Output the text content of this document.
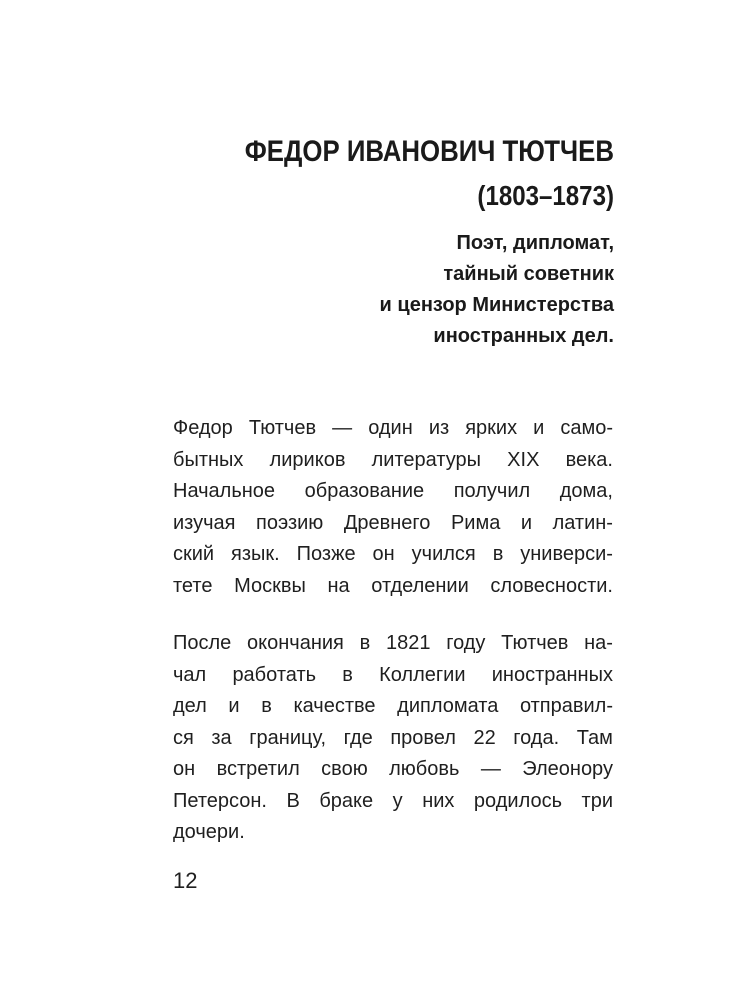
ФЕДОР ИВАНОВИЧ ТЮТЧЕВ
(1803–1873)

Поэт, дипломат,
тайный советник
и цензор Министерства
иностранных дел.

Федор Тютчев — один из ярких и само-
бытных лириков литературы XIX века.
Начальное образование получил дома,
изучая поэзию Древнего Рима и латин-
ский язык. Позже он учился в универси-
тете Москвы на отделении словесности.
После окончания в 1821 году Тютчев на-
чал работать в Коллегии иностранных
дел и в качестве дипломата отправил-
ся за границу, где провел 22 года. Там
он встретил свою любовь — Элеонору
Петерсон. В браке у них родилось три
дочери.
12
